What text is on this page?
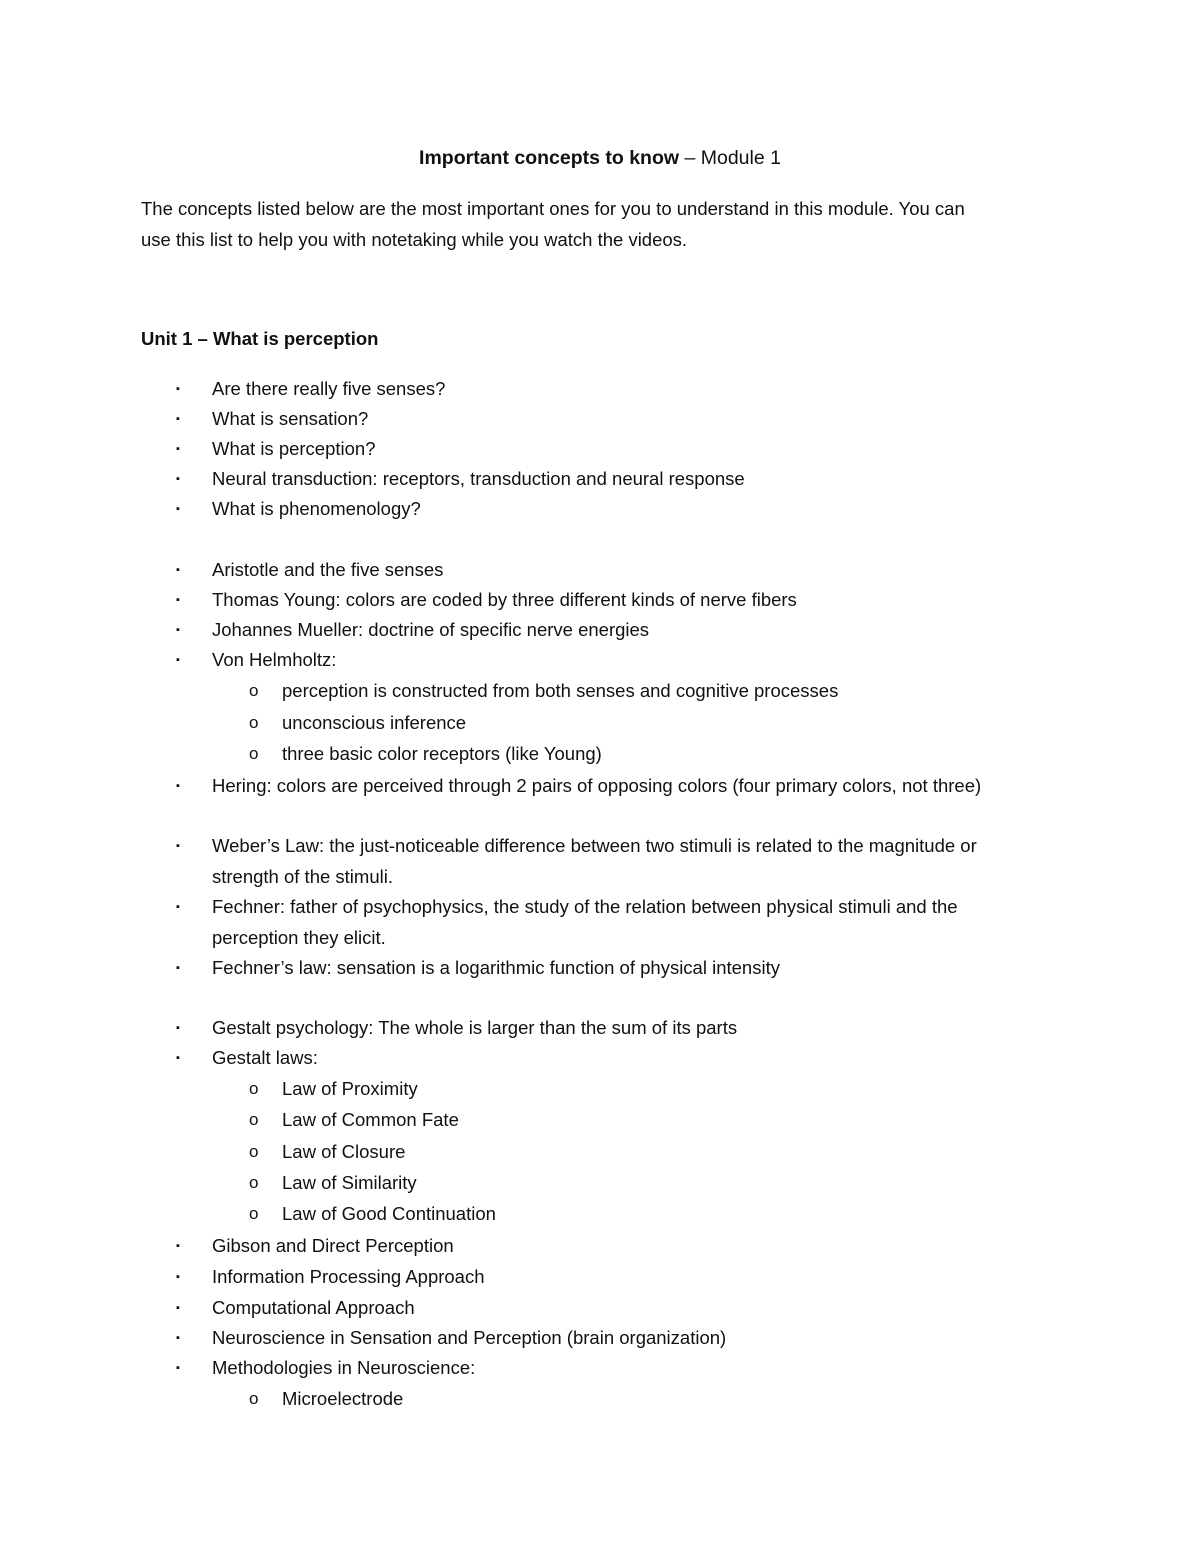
Important concepts to know – Module 1
The concepts listed below are the most important ones for you to understand in this module. You can
use this list to help you with notetaking while you watch the videos.
Unit 1 – What is perception
▪ Are there really five senses?
▪ What is sensation?
▪ What is perception?
▪ Neural transduction: receptors, transduction and neural response
▪ What is phenomenology?
▪ Aristotle and the five senses
▪ Thomas Young: colors are coded by three different kinds of nerve fibers
▪ Johannes Mueller: doctrine of specific nerve energies
▪ Von Helmholtz:
o perception is constructed from both senses and cognitive processes
o unconscious inference
o three basic color receptors (like Young)
▪ Hering: colors are perceived through 2 pairs of opposing colors (four primary colors, not three)
▪ Weber’s Law: the just-noticeable difference between two stimuli is related to the magnitude or
strength of the stimuli.
▪ Fechner: father of psychophysics, the study of the relation between physical stimuli and the
perception they elicit.
▪ Fechner’s law: sensation is a logarithmic function of physical intensity
▪ Gestalt psychology: The whole is larger than the sum of its parts
▪ Gestalt laws:
o Law of Proximity
o Law of Common Fate
o Law of Closure
o Law of Similarity
o Law of Good Continuation
▪ Gibson and Direct Perception
▪ Information Processing Approach
▪ Computational Approach
▪ Neuroscience in Sensation and Perception (brain organization)
▪ Methodologies in Neuroscience:
o Microelectrode
